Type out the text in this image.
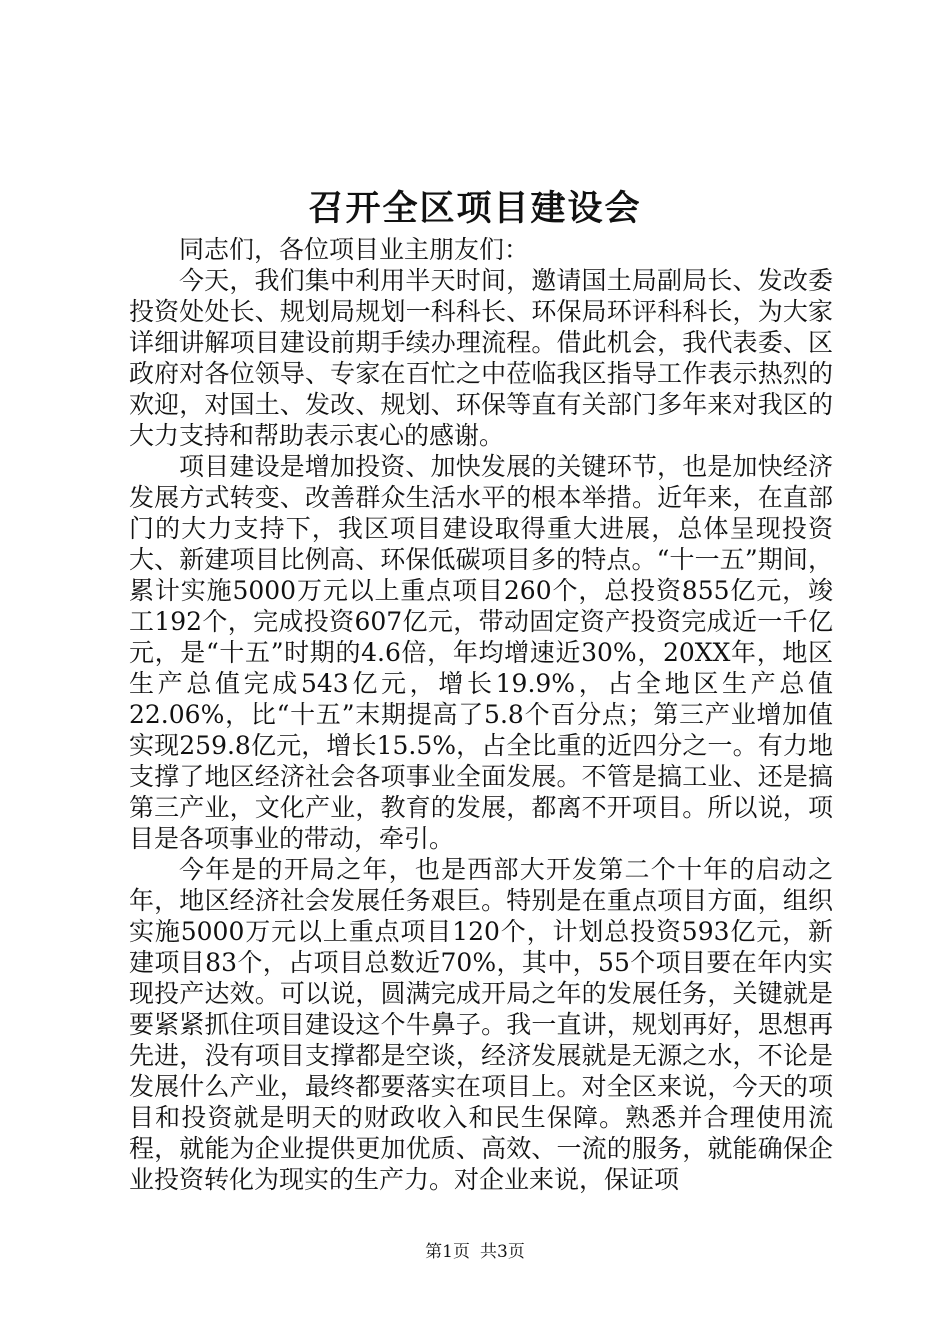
召开全区项目建设会

同志们，各位项目业主朋友们：

今天，我们集中利用半天时间，邀请国土局副局长、发改委投资处处长、规划局规划一科科长、环保局环评科科长，为大家详细讲解项目建设前期手续办理流程。借此机会，我代表委、区政府对各位领导、专家在百忙之中莅临我区指导工作表示热烈的欢迎，对国土、发改、规划、环保等直有关部门多年来对我区的大力支持和帮助表示衷心的感谢。

项目建设是增加投资、加快发展的关键环节，也是加快经济发展方式转变、改善群众生活水平的根本举措。近年来，在直部门的大力支持下，我区项目建设取得重大进展，总体呈现投资大、新建项目比例高、环保低碳项目多的特点。“十一五”期间，累计实施5000万元以上重点项目260个，总投资855亿元，竣工192个，完成投资607亿元，带动固定资产投资完成近一千亿元，是“十五”时期的4.6倍，年均增速近30%，20XX年，地区生产总值完成543亿元，增长19.9%，占全地区生产总值22.06%，比“十五”末期提高了5.8个百分点；第三产业增加值实现259.8亿元，增长15.5%，占全比重的近四分之一。有力地支撑了地区经济社会各项事业全面发展。不管是搞工业、还是搞第三产业，文化产业，教育的发展，都离不开项目。所以说，项目是各项事业的带动，牵引。

今年是的开局之年，也是西部大开发第二个十年的启动之年，地区经济社会发展任务艰巨。特别是在重点项目方面，组织实施5000万元以上重点项目120个，计划总投资593亿元，新建项目83个，占项目总数近70%，其中，55个项目要在年内实现投产达效。可以说，圆满完成开局之年的发展任务，关键就是要紧紧抓住项目建设这个牛鼻子。我一直讲，规划再好，思想再先进，没有项目支撑都是空谈，经济发展就是无源之水，不论是发展什么产业，最终都要落实在项目上。对全区来说，今天的项目和投资就是明天的财政收入和民生保障。熟悉并合理使用流程，就能为企业提供更加优质、高效、一流的服务，就能确保企业投资转化为现实的生产力。对企业来说，保证项

第1页 共3页
